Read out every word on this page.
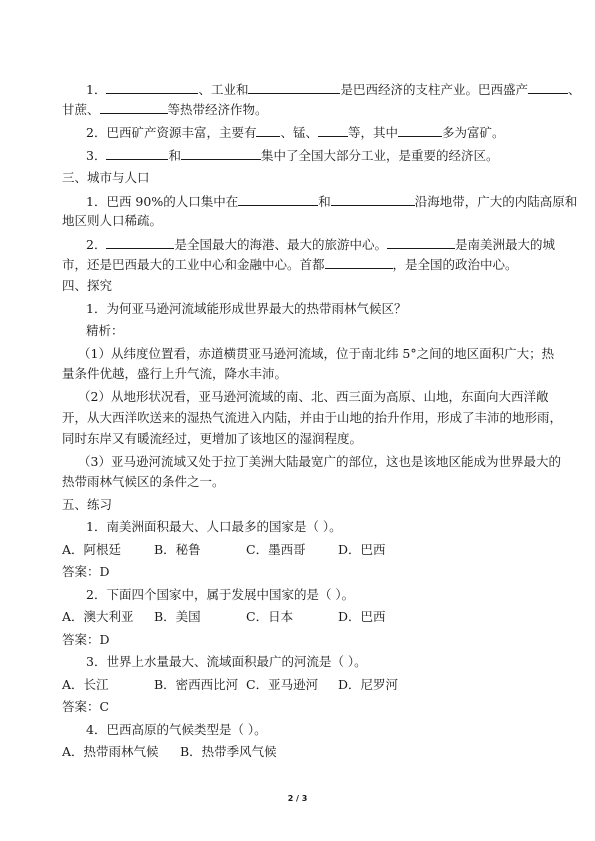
1．	、工业和	是巴西经济的支柱产业。巴西盛产	、
甘蔗、	等热带经济作物。
2．巴西矿产资源丰富，主要有 、锰、 等，其中	多为富矿。
3．	和	集中了全国大部分工业，是重要的经济区。
三、城市与人口
1．巴西 90%的人口集中在	和	沿海地带，广大的内陆高原和
地区则人口稀疏。
2．	是全国最大的海港、最大的旅游中心。	是南美洲最大的城
市，还是巴西最大的工业中心和金融中心。首都	，是全国的政治中心。
四、探究
1．为何亚马逊河流域能形成世界最大的热带雨林气候区？
精析：
（1）从纬度位置看，赤道横贯亚马逊河流域，位于南北纬 5°之间的地区面积广大；热
量条件优越，盛行上升气流，降水丰沛。
（2）从地形状况看，亚马逊河流域的南、北、西三面为高原、山地，东面向大西洋敞
开，从大西洋吹送来的湿热气流进入内陆，并由于山地的抬升作用，形成了丰沛的地形雨，
同时东岸又有暖流经过，更增加了该地区的湿润程度。
（3）亚马逊河流域又处于拉丁美洲大陆最宽广的部位，这也是该地区能成为世界最大的
热带雨林气候区的条件之一。
五、练习
1．南美洲面积最大、人口最多的国家是（ ）。
A．阿根廷	B．秘鲁	C．墨西哥	D．巴西
答案：D
2．下面四个国家中，属于发展中国家的是（ ）。
A．澳大利亚 B．美国	C．日本	D．巴西
答案：D
3．世界上水量最大、流域面积最广的河流是（ ）。
A．长江	B．密西西比河 C．亚马逊河 D．尼罗河
答案：C
4．巴西高原的气候类型是（ ）。
A．热带雨林气候 B．热带季风气候
2 / 3
